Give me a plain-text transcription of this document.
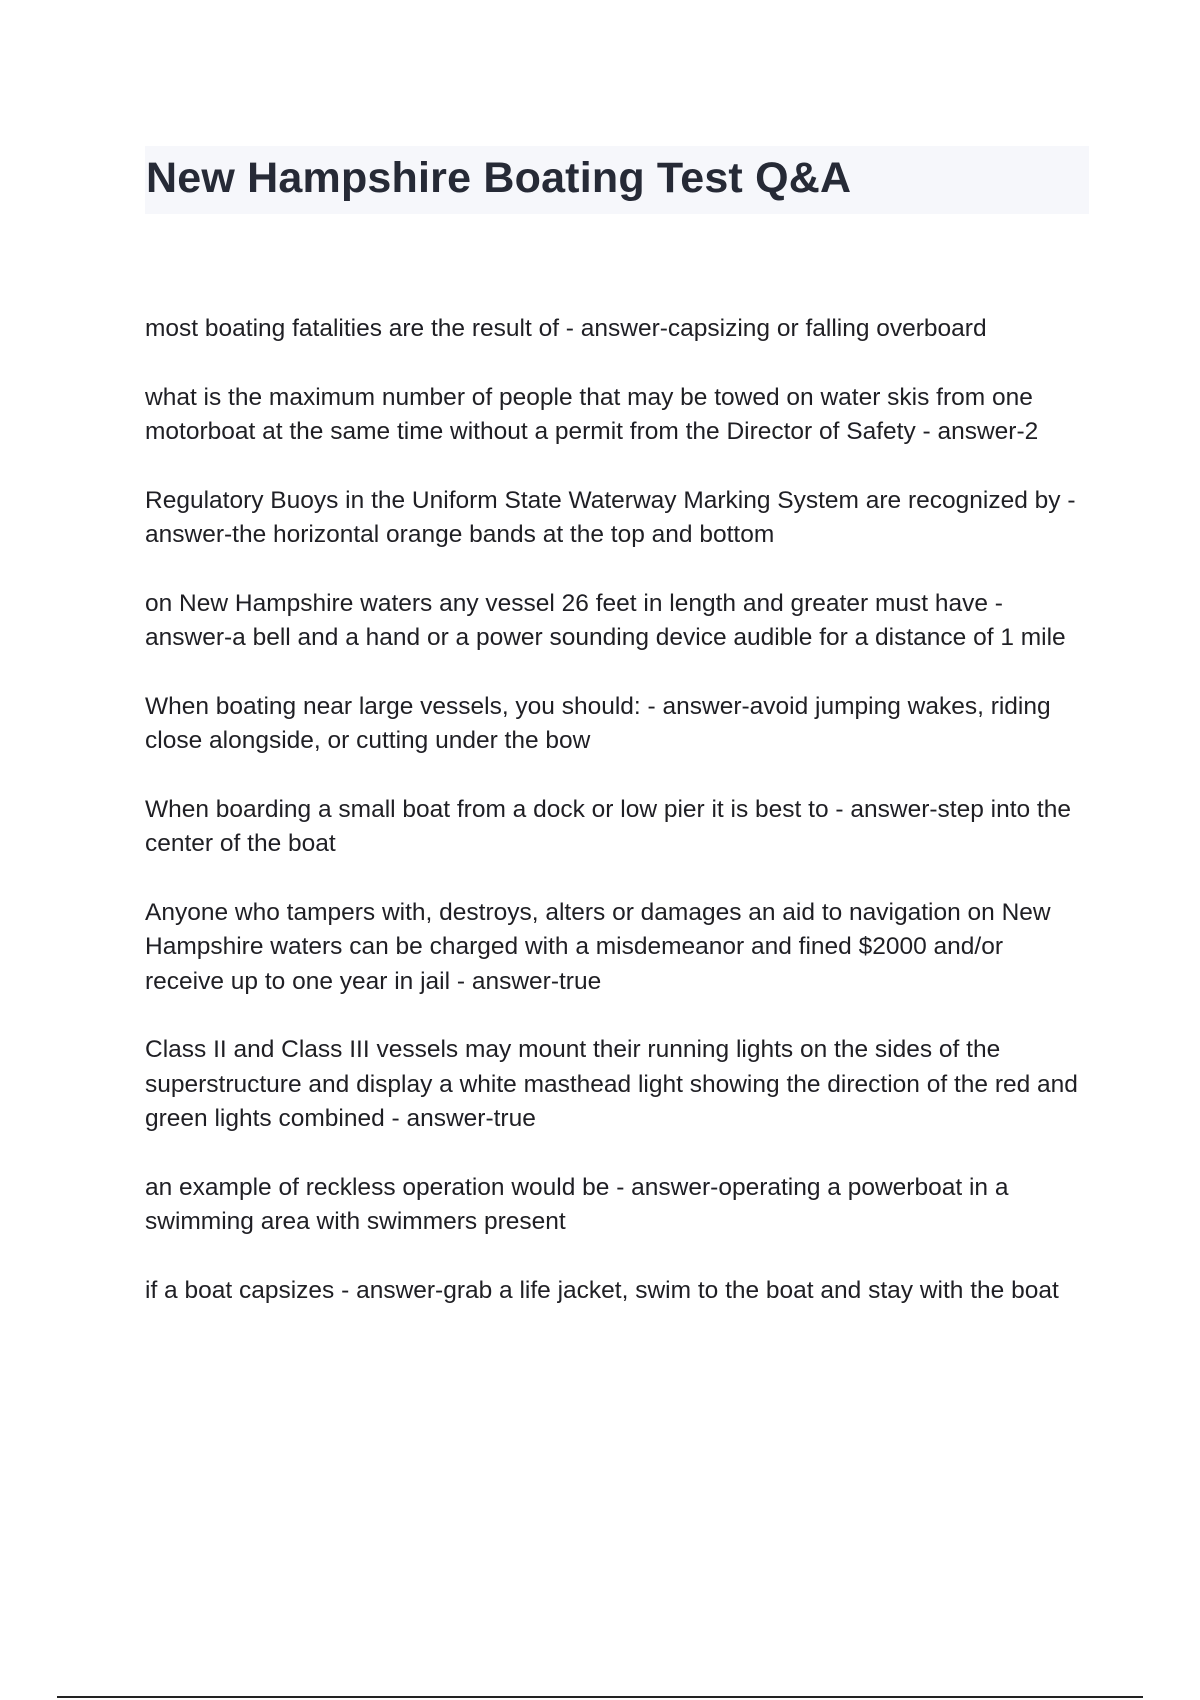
New Hampshire Boating Test Q&A
most boating fatalities are the result of - answer-capsizing or falling overboard
what is the maximum number of people that may be towed on water skis from one motorboat at the same time without a permit from the Director of Safety - answer-2
Regulatory Buoys in the Uniform State Waterway Marking System are recognized by - answer-the horizontal orange bands at the top and bottom
on New Hampshire waters any vessel 26 feet in length and greater must have - answer-a bell and a hand or a power sounding device audible for a distance of 1 mile
When boating near large vessels, you should: - answer-avoid jumping wakes, riding close alongside, or cutting under the bow
When boarding a small boat from a dock or low pier it is best to - answer-step into the center of the boat
Anyone who tampers with, destroys, alters or damages an aid to navigation on New Hampshire waters can be charged with a misdemeanor and fined $2000 and/or receive up to one year in jail - answer-true
Class II and Class III vessels may mount their running lights on the sides of the superstructure and display a white masthead light showing the direction of the red and green lights combined - answer-true
an example of reckless operation would be - answer-operating a powerboat in a swimming area with swimmers present
if a boat capsizes - answer-grab a life jacket, swim to the boat and stay with the boat
